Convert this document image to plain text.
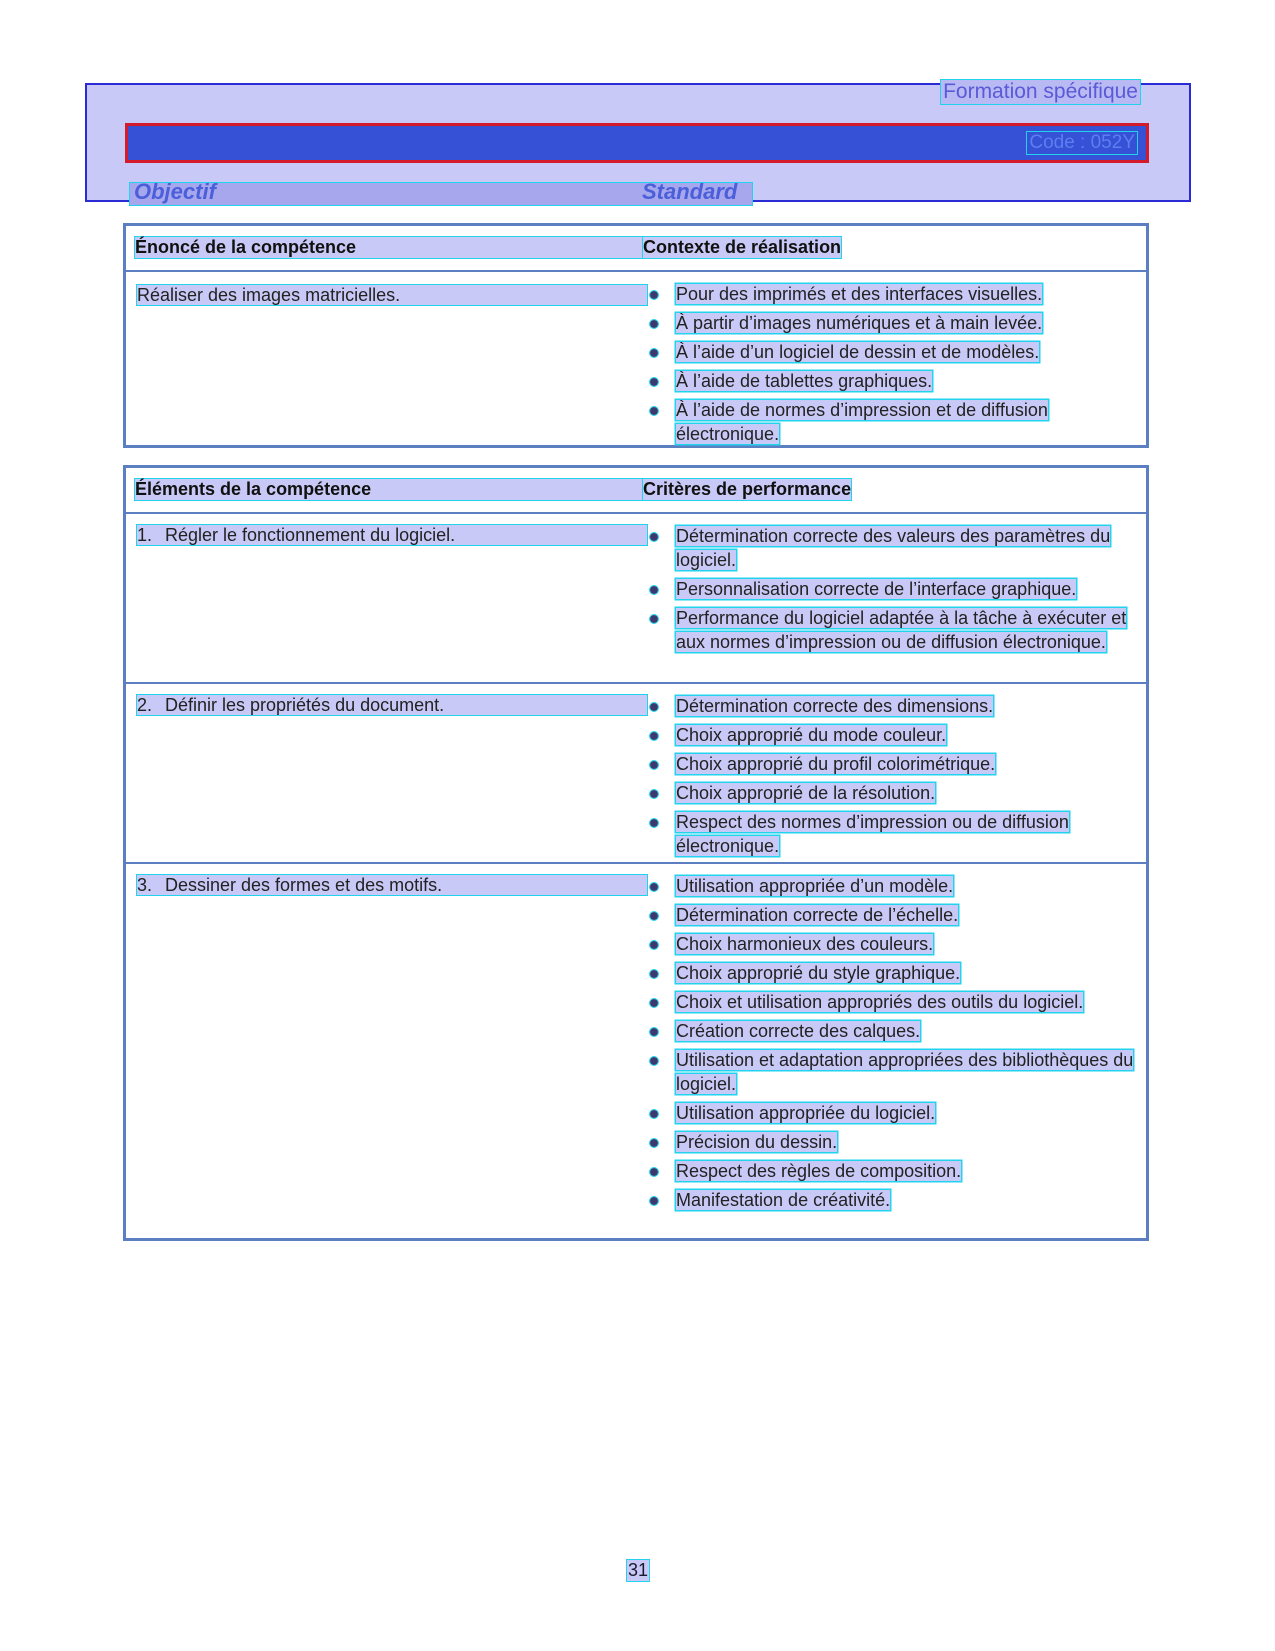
Formation spécifique
Code : 052Y
Objectif	Standard
Énoncé de la compétence	Contexte de réalisation
Réaliser des images matricielles.	Pour des imprimés et des interfaces visuelles.
À partir d’images numériques et à main levée.
À l’aide d’un logiciel de dessin et de modèles.
À l’aide de tablettes graphiques.
À l’aide de normes d’impression et de diffusion électronique.
Éléments de la compétence	Critères de performance
1. Régler le fonctionnement du logiciel.	Détermination correcte des valeurs des paramètres du logiciel.
Personnalisation correcte de l’interface graphique.
Performance du logiciel adaptée à la tâche à exécuter et aux normes d’impression ou de diffusion électronique.
2. Définir les propriétés du document.	Détermination correcte des dimensions.
Choix approprié du mode couleur.
Choix approprié du profil colorimétrique.
Choix approprié de la résolution.
Respect des normes d’impression ou de diffusion électronique.
3. Dessiner des formes et des motifs.	Utilisation appropriée d’un modèle.
Détermination correcte de l’échelle.
Choix harmonieux des couleurs.
Choix approprié du style graphique.
Choix et utilisation appropriés des outils du logiciel.
Création correcte des calques.
Utilisation et adaptation appropriées des bibliothèques du logiciel.
Utilisation appropriée du logiciel.
Précision du dessin.
Respect des règles de composition.
Manifestation de créativité.
31
